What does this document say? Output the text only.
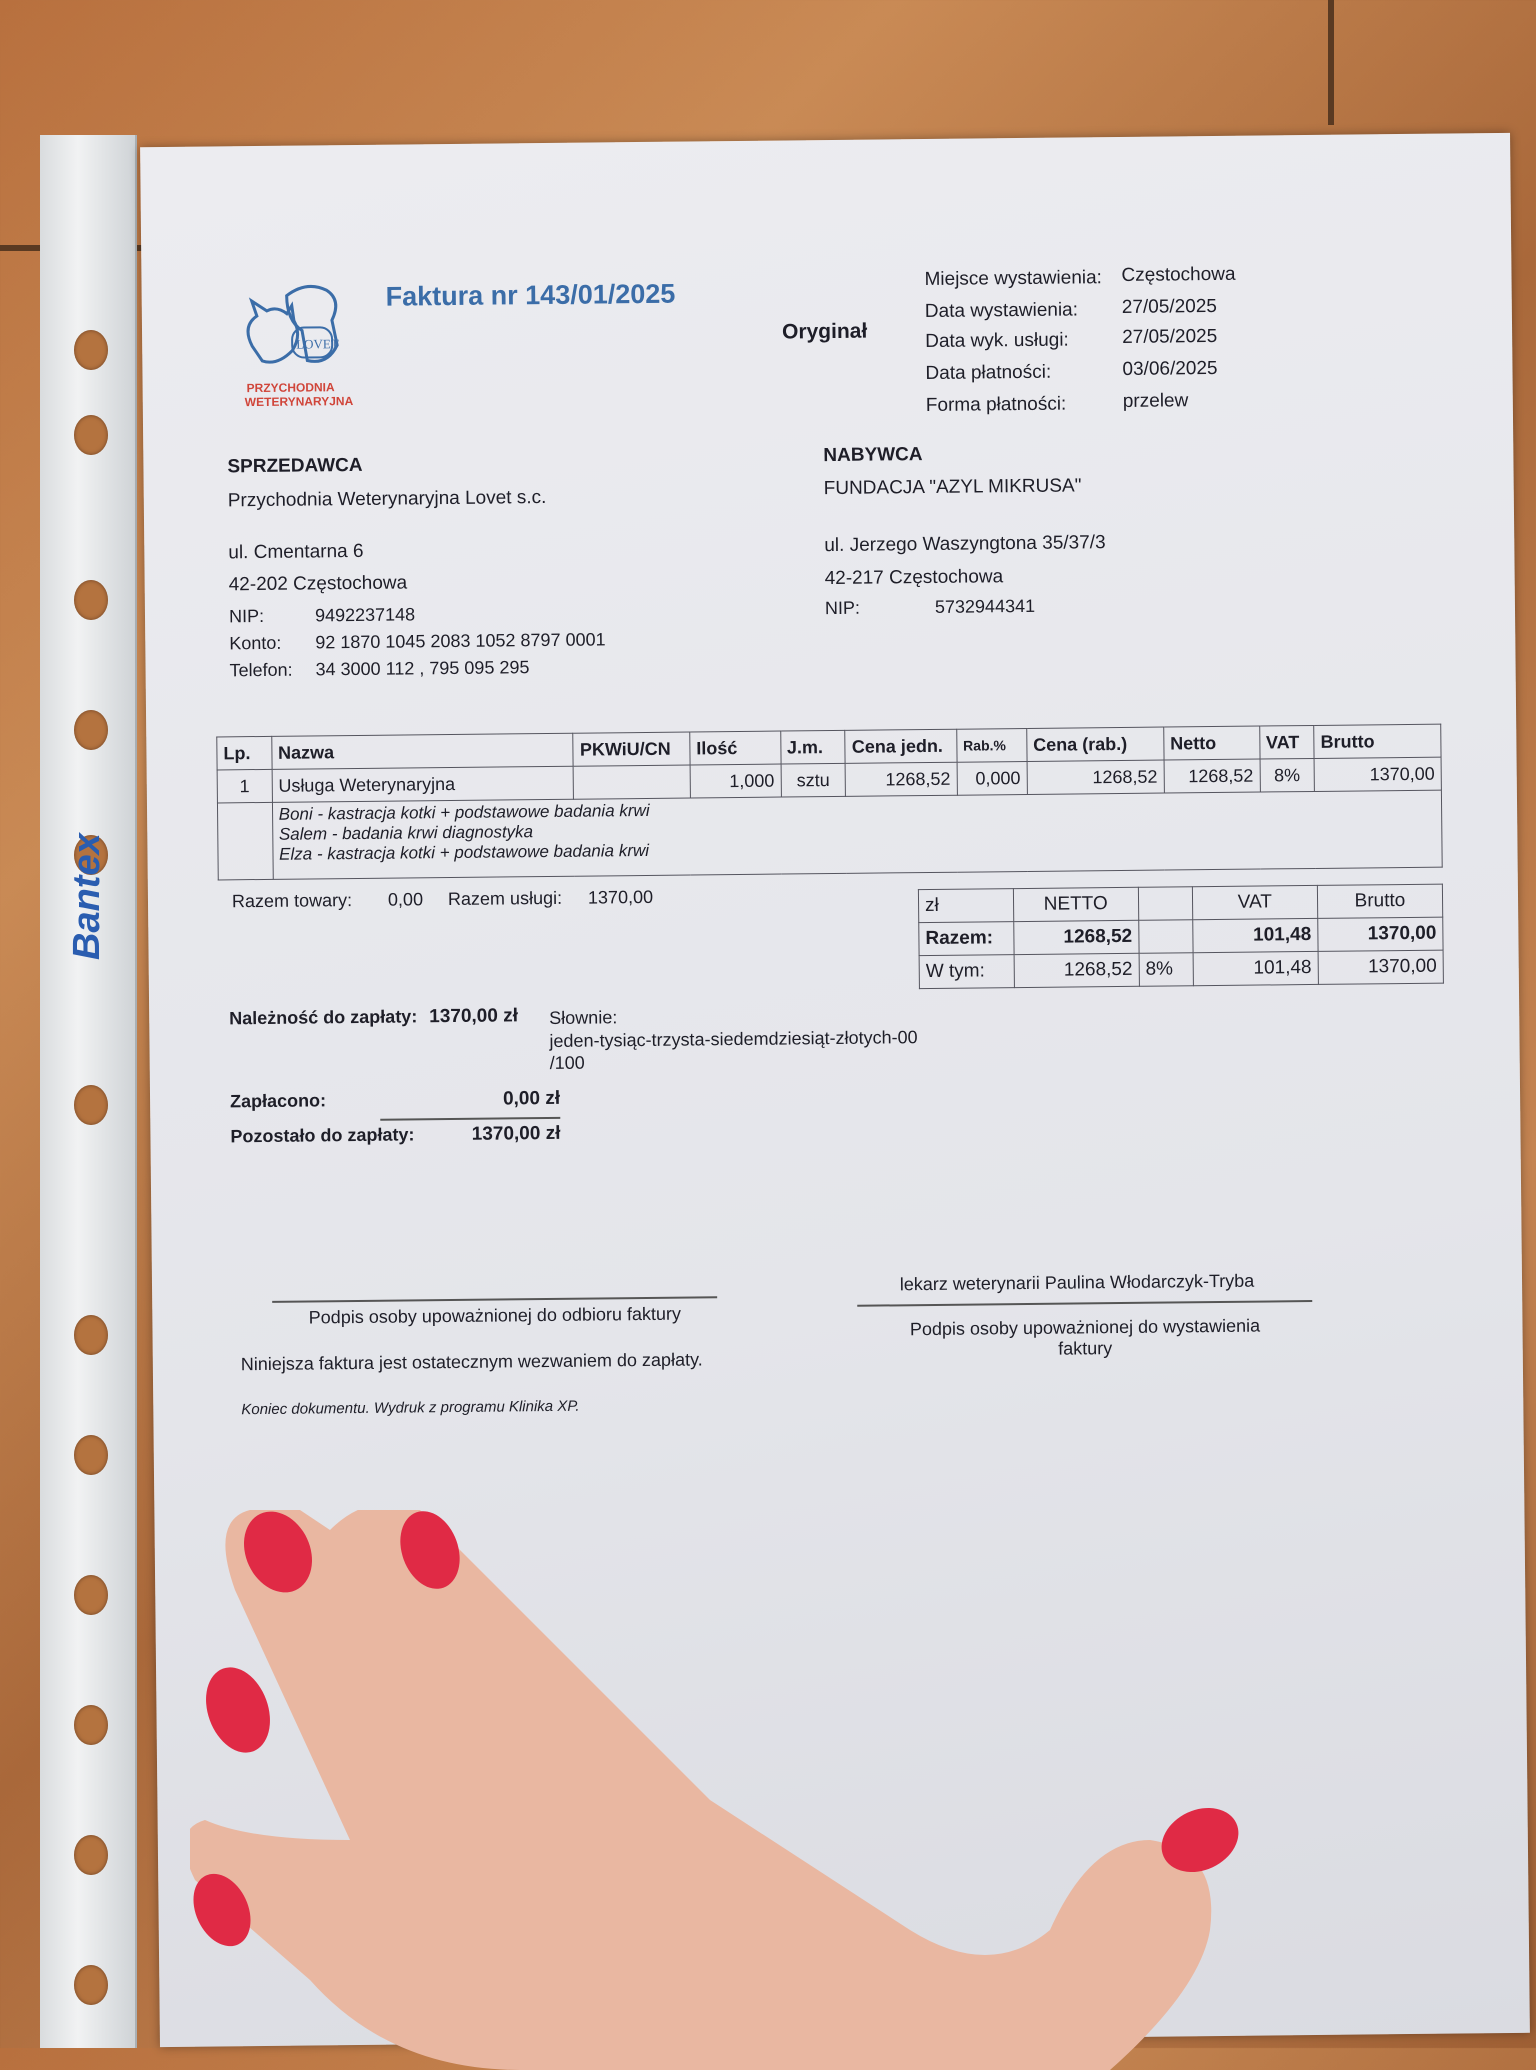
Bantex
LOVET
PRZYCHODNIA
WETERYNARYJNA
Faktura nr 143/01/2025
Oryginał
Miejsce wystawienia: Częstochowa
Data wystawienia: 27/05/2025
Data wyk. usługi:	27/05/2025
Data płatności:	03/06/2025
Forma płatności:	przelew
SPRZEDAWCA
Przychodnia Weterynaryjna Lovet s.c.
ul. Cmentarna 6
42-202 Częstochowa
NIP:	9492237148
Konto: 92 1870 1045 2083 1052 8797 0001
Telefon: 34 3000 112 , 795 095 295
NABYWCA
FUNDACJA "AZYL MIKRUSA"
ul. Jerzego Waszyngtona 35/37/3
42-217 Częstochowa
NIP:	5732944341
Lp.	Nazwa	PKWiU/CN	Ilość	J.m.	Cena jedn.	Rab.%	Cena (rab.)	Netto	VAT	Brutto
1	Usługa Weterynaryjna		1,000	sztu	1268,52	0,000	1268,52	1268,52	8%	1370,00

	Boni - kastracja kotki + podstawowe badania krwi
Salem - badania krwi diagnostyka
Elza - kastracja kotki + podstawowe badania krwi									
Razem towary: 0,00 Razem usługi: 1370,00	zł	NETTO		VAT	Brutto
Razem:	1268,52		101,48	1370,00
W tym:	1268,52	8%	101,48	1370,00
Należność do zapłaty: 1370,00 zł Słownie:
jeden-tysiąc-trzysta-siedemdziesiąt-złotych-00
/100
Zapłacono:	0,00 zł
Pozostało do zapłaty:	1370,00 zł
Podpis osoby upoważnionej do odbioru faktury
Niniejsza faktura jest ostatecznym wezwaniem do zapłaty.
Koniec dokumentu. Wydruk z programu Klinika XP.
lekarz weterynarii Paulina Włodarczyk-Tryba
Podpis osoby upoważnionej do wystawienia
faktury
